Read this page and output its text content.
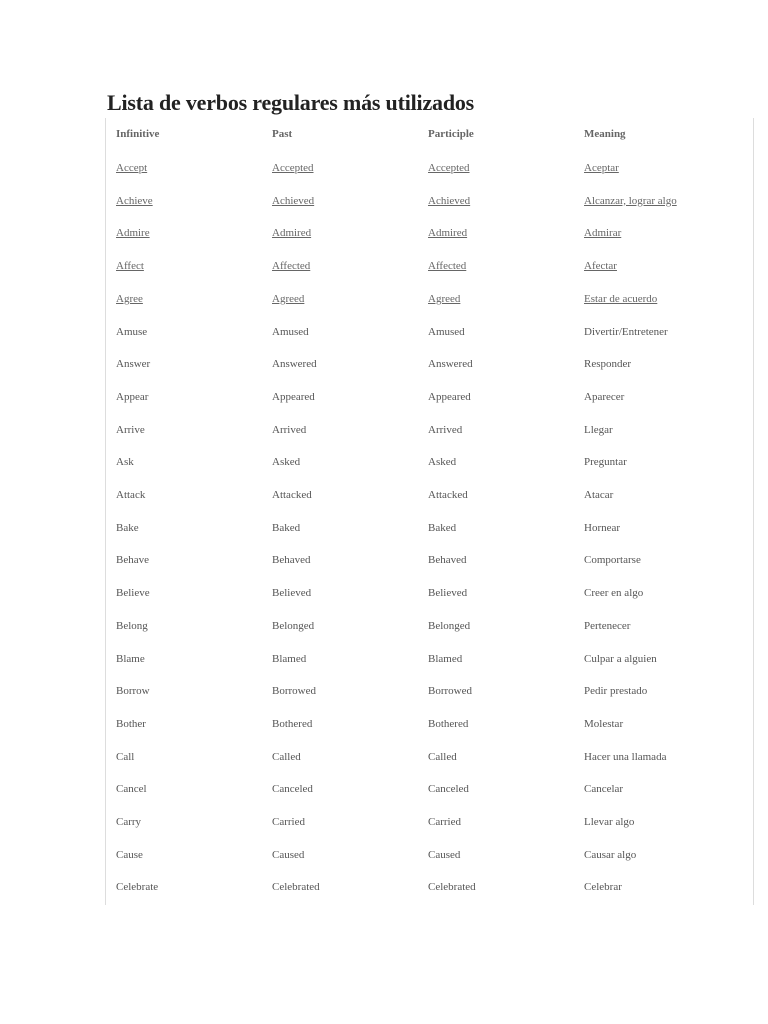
Lista de verbos regulares más utilizados
Infinitive	Past	Participle	Meaning
Accept	Accepted	Accepted	Aceptar
Achieve	Achieved	Achieved	Alcanzar, lograr algo
Admire	Admired	Admired	Admirar
Affect	Affected	Affected	Afectar
Agree	Agreed	Agreed	Estar de acuerdo
Amuse	Amused	Amused	Divertir/Entretener
Answer	Answered	Answered	Responder
Appear	Appeared	Appeared	Aparecer
Arrive	Arrived	Arrived	Llegar
Ask	Asked	Asked	Preguntar
Attack	Attacked	Attacked	Atacar
Bake	Baked	Baked	Hornear
Behave	Behaved	Behaved	Comportarse
Believe	Believed	Believed	Creer en algo
Belong	Belonged	Belonged	Pertenecer
Blame	Blamed	Blamed	Culpar a alguien
Borrow	Borrowed	Borrowed	Pedir prestado
Bother	Bothered	Bothered	Molestar
Call	Called	Called	Hacer una llamada
Cancel	Canceled	Canceled	Cancelar
Carry	Carried	Carried	Llevar algo
Cause	Caused	Caused	Causar algo
Celebrate	Celebrated	Celebrated	Celebrar
